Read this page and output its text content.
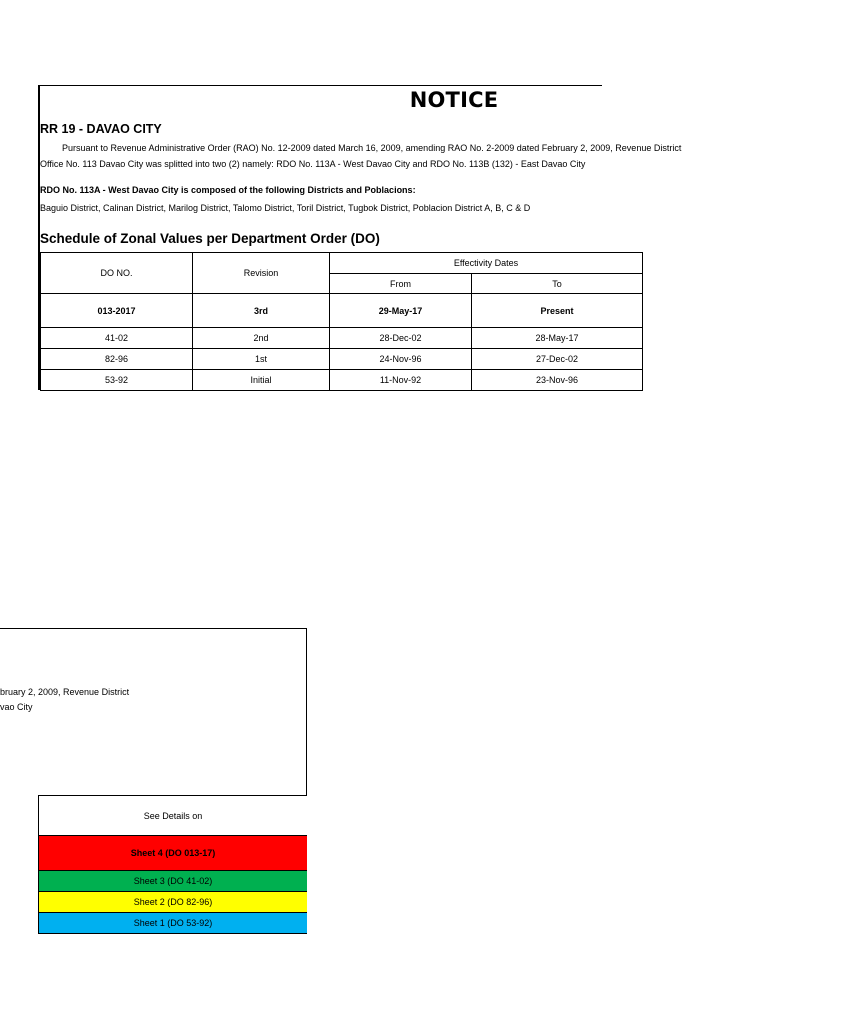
NOTICE
RR 19 - DAVAO CITY
Pursuant to Revenue Administrative Order (RAO) No. 12-2009 dated March 16, 2009, amending RAO No. 2-2009 dated February 2, 2009, Revenue District
Office No. 113 Davao City was splitted into two (2) namely: RDO No. 113A - West Davao City and RDO No. 113B (132) - East Davao City
RDO No. 113A - West Davao City is composed of the following Districts and Poblacions:
Baguio District, Calinan District, Marilog District, Talomo District, Toril District, Tugbok District, Poblacion District A, B, C & D
Schedule of Zonal Values per Department Order (DO)
DO NO.	Revision	Effectivity Dates	
		From	To
013-2017	3rd	29-May-17	Present
41-02	2nd	28-Dec-02	28-May-17
82-96	1st	24-Nov-96	27-Dec-02
53-92	Initial	11-Nov-92	23-Nov-96
bruary 2, 2009, Revenue District
vao City
See Details on
Sheet 4 (DO 013-17)
Sheet 3 (DO 41-02)
Sheet 2 (DO 82-96)
Sheet 1 (DO 53-92)
